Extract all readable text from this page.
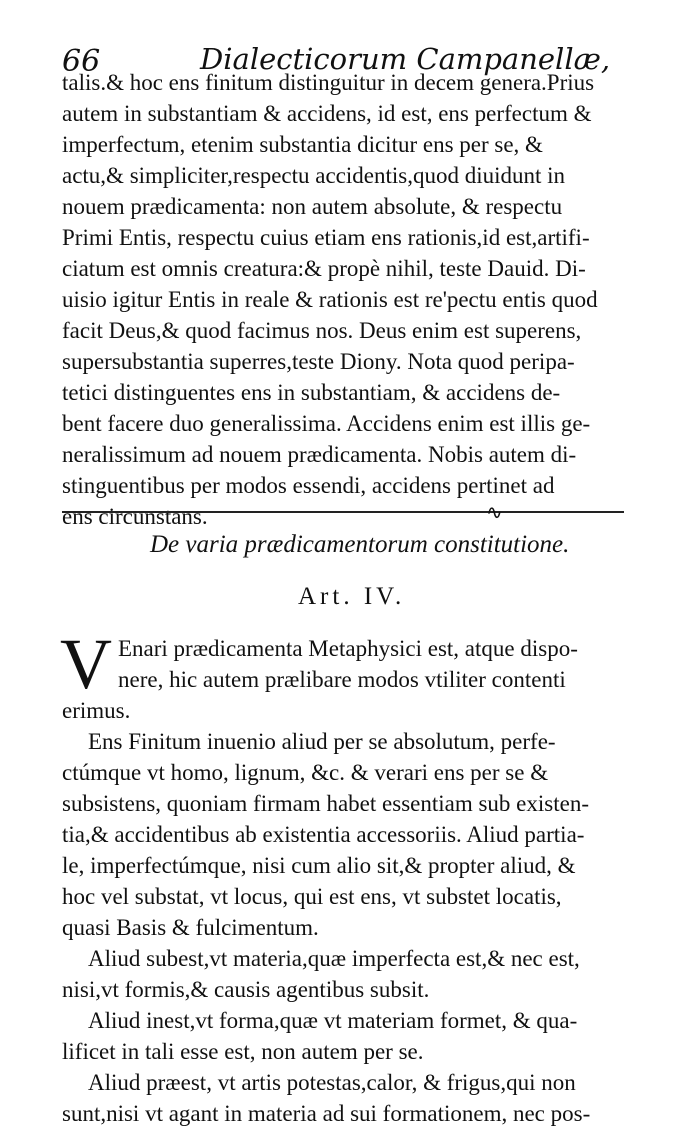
66	Dialecticorum Campanellæ,
talis.& hoc ens finitum distinguitur in decem genera.Prius
autem in substantiam & accidens, id est, ens perfectum &
imperfectum, etenim substantia dicitur ens per se, &
actu,& simpliciter,respectu accidentis,quod diuidunt in
nouem prædicamenta: non autem absolute, & respectu
Primi Entis, respectu cuius etiam ens rationis,id est,artifi-
ciatum est omnis creatura:& propè nihil, teste Dauid. Di-
uisio igitur Entis in reale & rationis est re'pectu entis quod
facit Deus,& quod facimus nos. Deus enim est superens,
supersubstantia superres,teste Diony. Nota quod peripa-
tetici distinguentes ens in substantiam, & accidens de-
bent facere duo generalissima. Accidens enim est illis ge-
neralissimum ad nouem prædicamenta. Nobis autem di-
stinguentibus per modos essendi, accidens pertinet ad
ens circunstans.	∿
De varia prædicamentorum constitutione.
Art. IV.
V Enari prædicamenta Metaphysici est, atque dispo-
nere, hic autem prælibare modos vtiliter contenti
erimus.
Ens Finitum inuenio aliud per se absolutum, perfe-
ctúmque vt homo, lignum, &c. & verari ens per se &
subsistens, quoniam firmam habet essentiam sub existen-
tia,& accidentibus ab existentia accessoriis. Aliud partia-
le, imperfectúmque, nisi cum alio sit,& propter aliud, &
hoc vel substat, vt locus, qui est ens, vt substet locatis,
quasi Basis & fulcimentum.
Aliud subest,vt materia,quæ imperfecta est,& nec est,
nisi,vt formis,& causis agentibus subsit.
Aliud inest,vt forma,quæ vt materiam formet, & qua-
lificet in tali esse est, non autem per se.
Aliud præest, vt artis potestas,calor, & frigus,qui non
sunt,nisi vt agant in materia ad sui formationem, nec pos-
